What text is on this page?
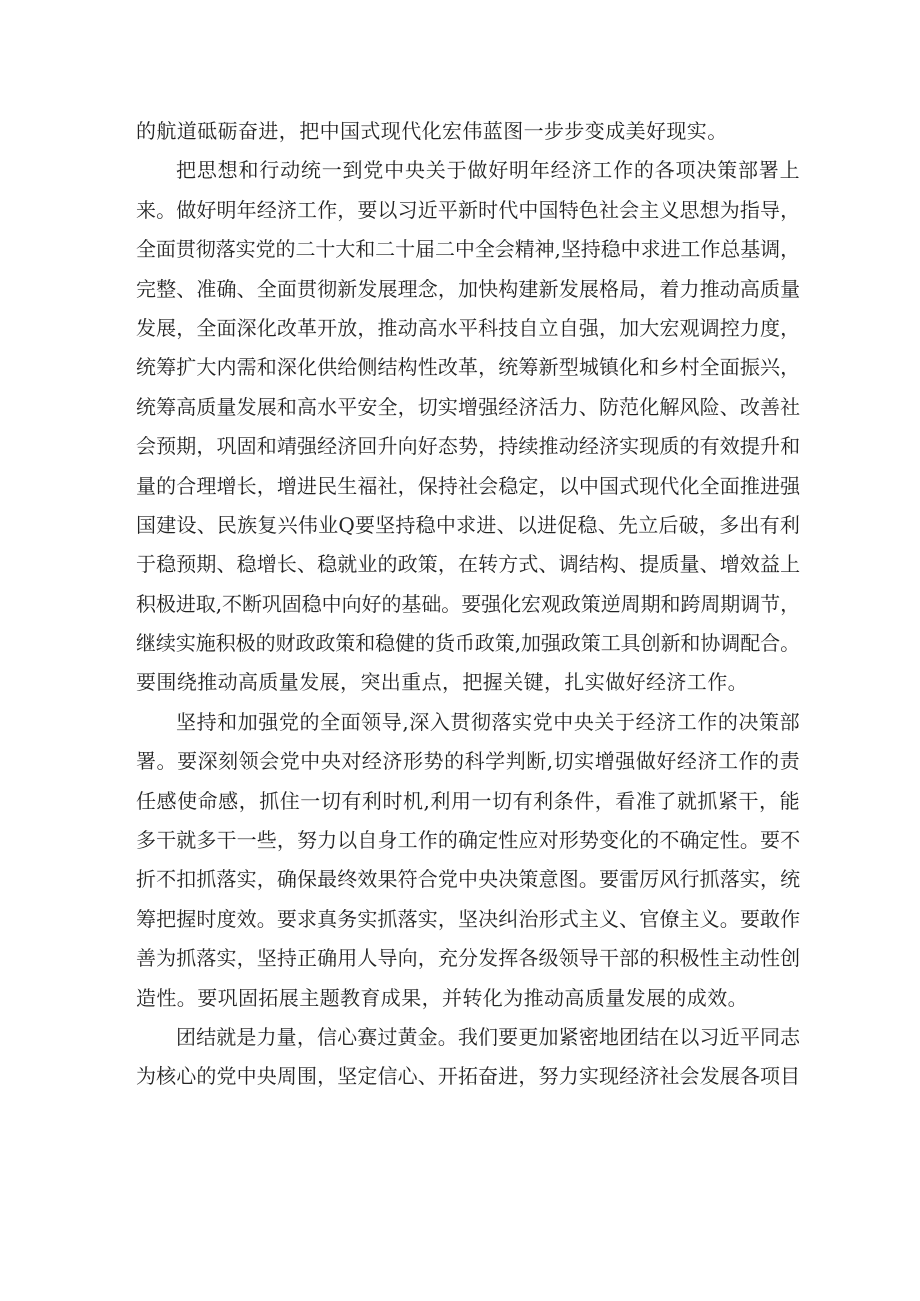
的航道砥砺奋进，把中国式现代化宏伟蓝图一步步变成美好现实。
把思想和行动统一到党中央关于做好明年经济工作的各项决策部署上
来。做好明年经济工作，要以习近平新时代中国特色社会主义思想为指导，
全面贯彻落实党的二十大和二十届二中全会精神,坚持稳中求进工作总基调，
完整、准确、全面贯彻新发展理念，加快构建新发展格局，着力推动高质量
发展，全面深化改革开放，推动高水平科技自立自强，加大宏观调控力度，
统筹扩大内需和深化供给侧结构性改革，统筹新型城镇化和乡村全面振兴，
统筹高质量发展和高水平安全，切实增强经济活力、防范化解风险、改善社
会预期，巩固和靖强经济回升向好态势，持续推动经济实现质的有效提升和
量的合理增长，增进民生福社，保持社会稳定，以中国式现代化全面推进强
国建设、民族复兴伟业Q要坚持稳中求进、以进促稳、先立后破，多出有利
于稳预期、稳增长、稳就业的政策，在转方式、调结构、提质量、增效益上
积极进取,不断巩固稳中向好的基础。要强化宏观政策逆周期和跨周期调节，
继续实施积极的财政政策和稳健的货币政策,加强政策工具创新和协调配合。
要围绕推动高质量发展，突出重点，把握关键，扎实做好经济工作。
坚持和加强党的全面领导,深入贯彻落实党中央关于经济工作的决策部
署。要深刻领会党中央对经济形势的科学判断,切实增强做好经济工作的责
任感使命感，抓住一切有利时机,利用一切有利条件，看准了就抓紧干，能
多干就多干一些，努力以自身工作的确定性应对形势变化的不确定性。要不
折不扣抓落实，确保最终效果符合党中央决策意图。要雷厉风行抓落实，统
筹把握时度效。要求真务实抓落实，坚决纠治形式主义、官僚主义。要敢作
善为抓落实，坚持正确用人导向，充分发挥各级领导干部的积极性主动性创
造性。要巩固拓展主题教育成果，并转化为推动高质量发展的成效。
团结就是力量，信心赛过黄金。我们要更加紧密地团结在以习近平同志
为核心的党中央周围，坚定信心、开拓奋进，努力实现经济社会发展各项目
